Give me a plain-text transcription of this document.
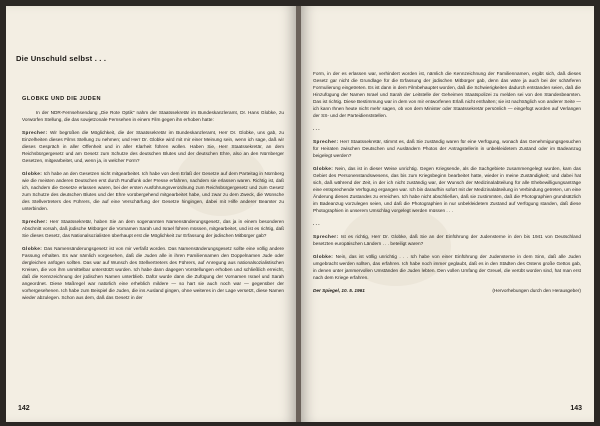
Die Unschuld selbst . . .
GLOBKE UND DIE JUDEN

In der NDR-Fernsehsendung „Die Rote Optik" nahm der Staatssekretär im Bundeskanzleramt, Dr. Hans Globke, zu Vorwürfen Stellung, die das sowjetzonale Fernsehen in einem Film gegen ihn erhoben hatte:

Sprecher: Wir begrüßen die Möglichkeit, die der Staatssekretär im Bundeskanzleramt, Herr Dr. Globke, uns gab, zu Einzelheiten dieses Films Stellung zu nehmen; und Herr Dr. Globke wird mit mir einer Meinung sein, wenn ich sage, daß wir dieses Gespräch in aller Offenheit und in aller Klarheit führen wollen. Haben Sie, Herr Staatssekretär, an dem Reichsbürgergesetz und am Gesetz zum Schutze des deutschen Blutes und der deutschen Ehre, also an den Nürnberger Gesetzen, mitgearbeitet, und, wenn ja, in welcher Form?

Globke: Ich habe an den Gesetzen nicht mitgearbeitet. Ich habe von dem Erlaß der Gesetze auf dem Parteitag in Nürnberg wie die meisten anderen Deutschen erst durch Rundfunk oder Presse erfahren, nachdem sie erlassen waren. Richtig ist, daß ich, nachdem die Gesetze erlassen waren, bei der ersten Ausführungsverordnung zum Reichsbürgergesetz und zum Gesetz zum Schutze des deutschen Blutes und der Ehre vorübergehend mitgearbeitet habe, und zwar zu dem Zweck, die Wünsche des Stellvertreters des Führers, die auf eine Verschärfung der Gesetze hingingen, dabei mit Hilfe anderer Beamter zu unterbinden.

Sprecher: Herr Staatssekretär, haben Sie an dem sogenannten Namensänderungsgesetz, das ja in einem besonderen Abschnitt vorsah, daß jüdische Mitbürger die Vornamen Sarah und Israel führen müssen, mitgearbeitet, und ist es richtig, daß Sie dieses Gesetz, das Nationalsozialisten überhaupt erst die Möglichkeit zur Erfassung der jüdischen Mitbürger gab?

Globke: Das Namensänderungsgesetz ist von mir verfaßt worden. Das Namensänderungsgesetz sollte eine völlig andere Fassung erhalten. Es war nämlich vorgesehen, daß die Juden alle in ihren Familiennamen den Doppelnamen Jude oder dergleichen anfügen sollten. Das war auf Wunsch des Stellvertreters des Führers, auf Anregung aus nationalsozialistischen Kreisen, die von ihm unmittelbar unterstützt wurden. Ich habe dann dagegen Vorstellungen erhoben und schließlich erreicht, daß die Kennzeichnung der jüdischen Namen unterblieb. Dafür wurde dann die Zufügung der Vornamen Israel und Sarah angeordnet. Diese Maßregel war natürlich eine erheblich mildere — so hart sie auch noch war — gegenüber der vorhergesehenen. Ich habe zum Beispiel die Juden, die ins Ausland gingen, ohne weiteres in der Lage versetzt, diese Namen wieder abzulegen. Schon aus dem, daß das Gesetz in der

142

Form, in der es erlassen war, verhindert worden ist, nämlich die Kennzeichnung der Familiennamen, ergibt sich, daß dieses Gesetz gar nicht die Grundlage für die Erfassung der jüdischen Mitbürger gab, denn das wäre ja auch bei der schärferen Formulierung eingetreten. Es ist dann in dem Filmbehauptet worden, daß die Schwierigkeiten dadurch entstanden seien, daß die Hinzufügung der Namen Israel und Sarah der Leitstelle der Geheimen Staatspolizei zu melden sei von den Standesbeamten. Das ist richtig. Diese Bestimmung war in dem von mir entworfenen Erlaß nicht enthalten; sie ist nachträglich von anderer Seite — ich kann Ihnen heute nicht mehr sagen, ob von dem Minister oder Staatssekretär persönlich — eingefügt worden auf Verlangen der SS- und der Parteidienststellen.

. . .

Sprecher: Herr Staatssekretär, stimmt es, daß Sie zuständig waren für eine Verfügung, wonach das Genehmigungsgesuchen für Heiraten zwischen Deutschen und Ausländern Photos der Antragstellerin in unbekleidetem Zustand oder im Badeanzug beigelegt werden?

Globke: Nein, das ist in dieser Weise unrichtig. Gegen Kriegsende, als die Sachgebiete zusammengelegt wurden, kam das Gebiet des Personenstandswesens, das bis zum Kriegsbeginn bearbeitet hatte, wieder in meine Zuständigkeit; und dabei hat sich, daß während der Zeit, in der ich nicht zuständig war, der Wunsch der Medizinalabteilung für alle Ehebewilligungsanträge eine entsprechende Verfügung ergangen war. Ich bin daraufhin sofort mit der Medizinalabteilung in Verbindung getreten, um eine Änderung dieses Zustandes zu erreichen. Ich habe nicht abschließen, daß sie zustimmten, daß die Photographien grundsätzlich im Badeanzug vorzulegen seien, und daß die Photographien in nur unbekleidetem Zustand auf Verfügung standen, daß diese Photographien in unserem Umschlag vorgelegt werden müssen . . .

. . .

Sprecher: Ist es richtig, Herr Dr. Globke, daß Sie an der Einführung der Judensterne in den bis 1941 von Deutschland besetzten europäischen Ländern . . . beteiligt waren?

Globke: Nein, das ist völlig unrichtig . . . Ich habe von einer Einführung der Judensterne in dem Sinn, daß alle Juden umgebracht werden sollten, das erfahren. Ich habe noch immer geglaubt, daß es in den Städten des Ostens große Gettos gab, in denen unter jammervollen Umständen die Juden lebten. Den vollen Umfang der Greuel, die verübt worden sind, hat man erst nach dem Kriege erfahren.

Der Spiegel, 10. 5. 1961	(Hervorhebungen durch den Herausgeber)
143
